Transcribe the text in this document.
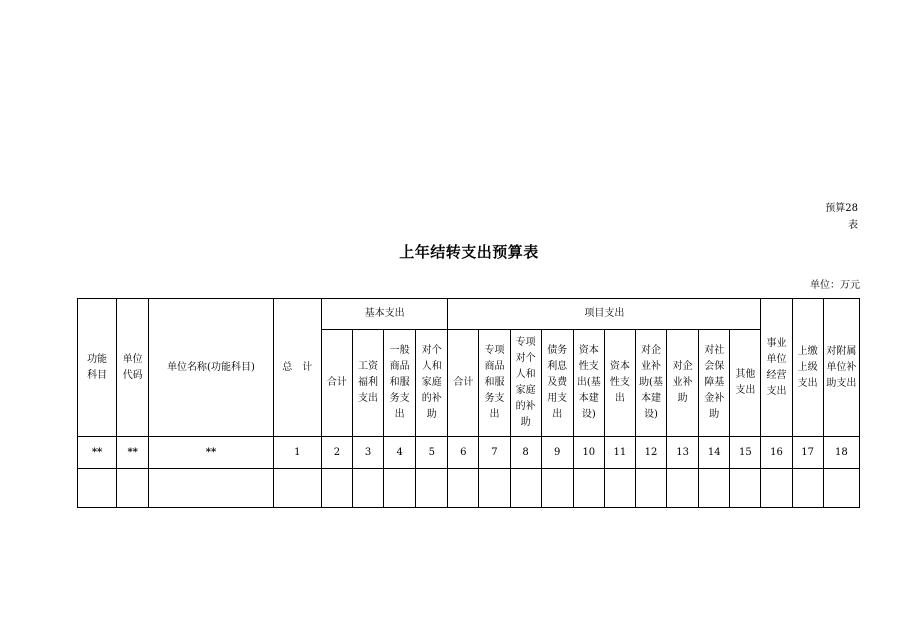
预算28
表
上年结转支出预算表
单位：万元
功能科目	单位代码	单位名称(功能科目)	总　计	基本支出				项目支出										事业单位经营支出	上缴上级支出	对附属单位补助支出

				合计	工资福利支出	一般商品和服务支出	对个人和家庭的补助	合计	专项商品和服务支出	专项对个人和家庭的补助	债务利息及费用支出	资本性支出(基本建设)	资本性支出	对企业补助(基本建设)	对企业补助	对社会保障基金补助	其他支出			

**	**	**	1	2	3	4	5	6	7	8	9	10	11	12	13	14	15	16	17	18
